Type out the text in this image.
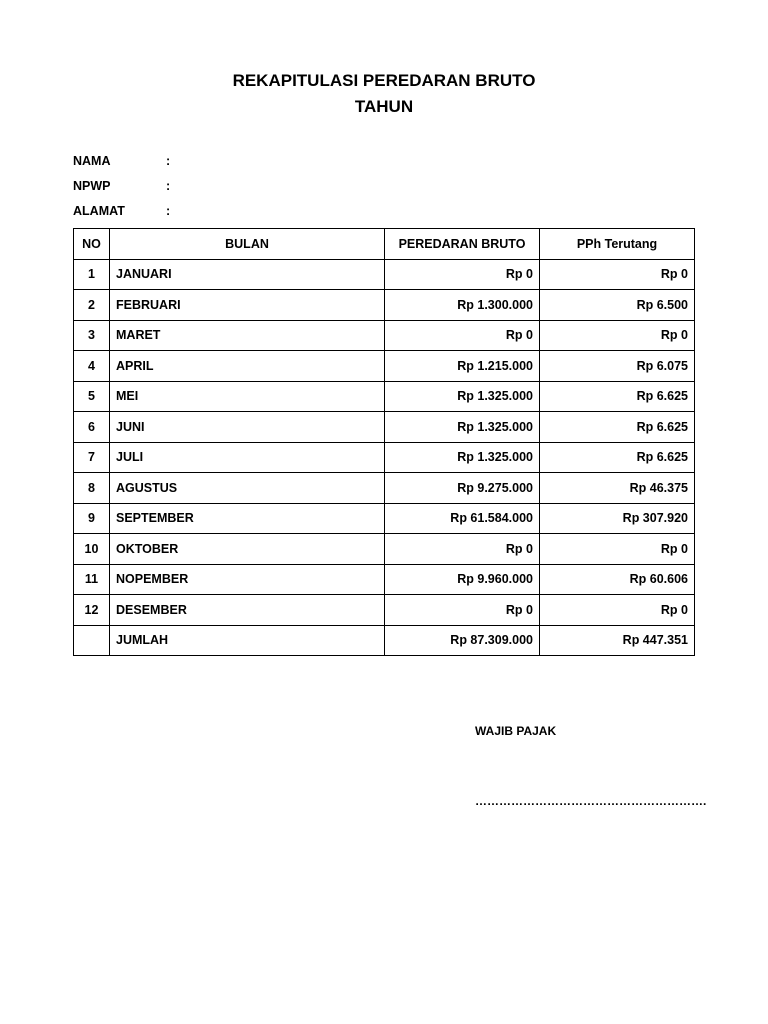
REKAPITULASI PEREDARAN BRUTO
TAHUN
NAMA	:
NPWP	:
ALAMAT	:
NO	BULAN	PEREDARAN BRUTO	PPh Terutang
1	JANUARI	Rp 0	Rp 0
2	FEBRUARI	Rp 1.300.000	Rp 6.500
3	MARET	Rp 0	Rp 0
4	APRIL	Rp 1.215.000	Rp 6.075
5	MEI	Rp 1.325.000	Rp 6.625
6	JUNI	Rp 1.325.000	Rp 6.625
7	JULI	Rp 1.325.000	Rp 6.625
8	AGUSTUS	Rp 9.275.000	Rp 46.375
9	SEPTEMBER	Rp 61.584.000	Rp 307.920
10	OKTOBER	Rp 0	Rp 0
11	NOPEMBER	Rp 9.960.000	Rp 60.606
12	DESEMBER	Rp 0	Rp 0
	JUMLAH	Rp 87.309.000	Rp 447.351
WAJIB PAJAK
………………………………………………….
